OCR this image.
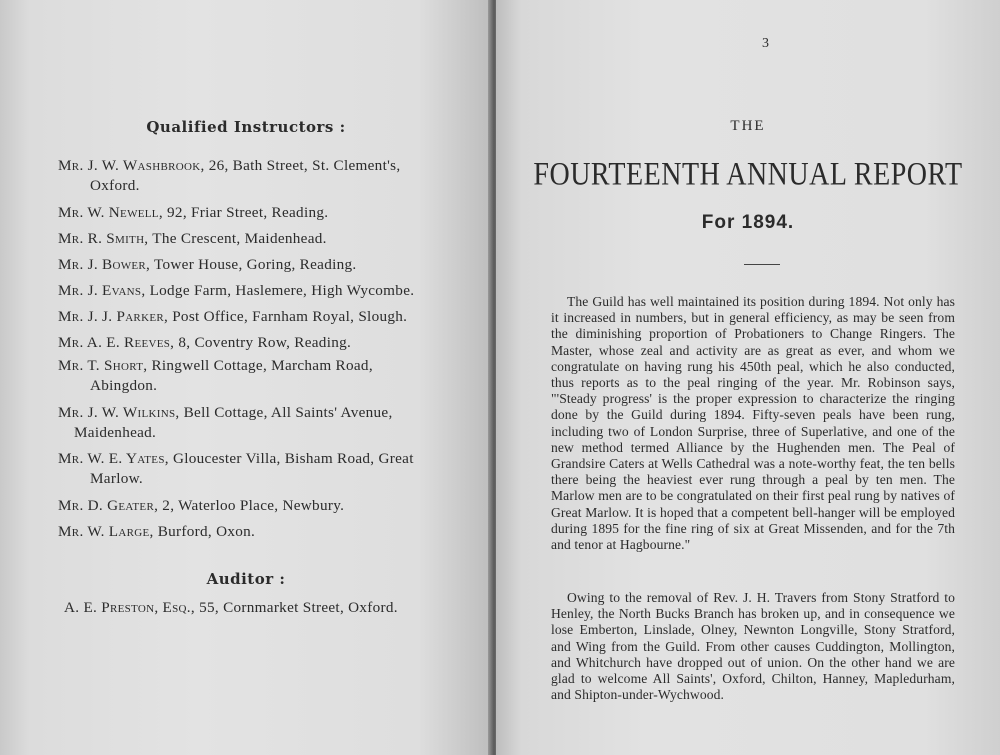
Qualified Instructors :
Mr. J. W. Washbrook, 26, Bath Street, St. Clement's,
Oxford.
Mr. W. Newell, 92, Friar Street, Reading.
Mr. R. Smith, The Crescent, Maidenhead.
Mr. J. Bower, Tower House, Goring, Reading.
Mr. J. Evans, Lodge Farm, Haslemere, High Wycombe.
Mr. J. J. Parker, Post Office, Farnham Royal, Slough.
Mr. A. E. Reeves, 8, Coventry Row, Reading.
Mr. T. Short, Ringwell Cottage, Marcham Road,
Abingdon.
Mr. J. W. Wilkins, Bell Cottage, All Saints' Avenue,
Maidenhead.
Mr. W. E. Yates, Gloucester Villa, Bisham Road, Great
Marlow.
Mr. D. Geater, 2, Waterloo Place, Newbury.
Mr. W. Large, Burford, Oxon.
Auditor :
A. E. Preston, Esq., 55, Cornmarket Street, Oxford.
3
THE
FOURTEENTH ANNUAL REPORT
For 1894.
The Guild has well maintained its position during 1894. Not only has it increased in numbers, but in general efficiency, as may be seen from the diminishing proportion of Probationers to Change Ringers. The Master, whose zeal and activity are as great as ever, and whom we congratulate on having rung his 450th peal, which he also conducted, thus reports as to the peal ringing of the year. Mr. Robinson says, "'Steady progress' is the proper expression to characterize the ringing done by the Guild during 1894. Fifty-seven peals have been rung, including two of London Surprise, three of Superlative, and one of the new method termed Alliance by the Hughenden men. The Peal of Grandsire Caters at Wells Cathedral was a note-worthy feat, the ten bells there being the heaviest ever rung through a peal by ten men. The Marlow men are to be congratulated on their first peal rung by natives of Great Marlow. It is hoped that a competent bell-hanger will be employed during 1895 for the fine ring of six at Great Missenden, and for the 7th and tenor at Hagbourne."
Owing to the removal of Rev. J. H. Travers from Stony Stratford to Henley, the North Bucks Branch has broken up, and in consequence we lose Emberton, Linslade, Olney, Newnton Longville, Stony Stratford, and Wing from the Guild. From other causes Cuddington, Mollington, and Whitchurch have dropped out of union. On the other hand we are glad to welcome All Saints', Oxford, Chilton, Hanney, Mapledurham, and Shipton-under-Wychwood.
